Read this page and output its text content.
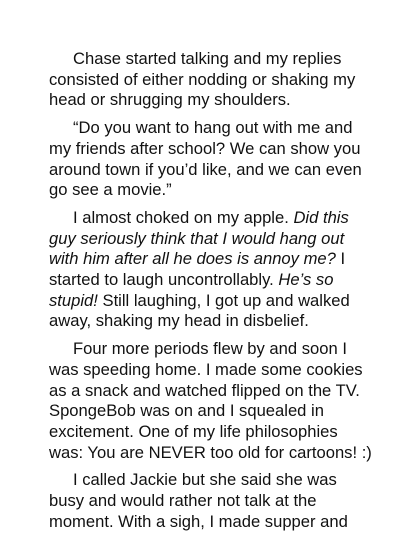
Chase started talking and my replies
consisted of either nodding or shaking my
head or shrugging my shoulders.

“Do you want to hang out with me and
my friends after school? We can show you
around town if you’d like, and we can even
go see a movie.”

I almost choked on my apple. Did this
guy seriously think that I would hang out
with him after all he does is annoy me? I
started to laugh uncontrollably. He’s so
stupid! Still laughing, I got up and walked
away, shaking my head in disbelief.

Four more periods flew by and soon I
was speeding home. I made some cookies
as a snack and watched flipped on the TV.
SpongeBob was on and I squealed in
excitement. One of my life philosophies
was: You are NEVER too old for cartoons! :)

I called Jackie but she said she was
busy and would rather not talk at the
moment. With a sigh, I made supper and
